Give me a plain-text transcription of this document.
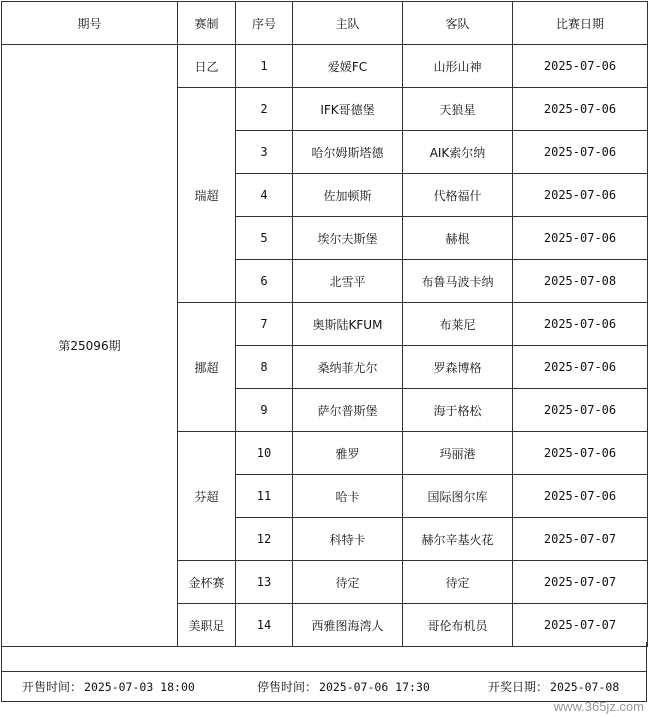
期号	赛制	序号	主队	客队	比赛日期
第25096期	日乙	1	爱媛FC	山形山神	2025-07-06
	瑞超	2	IFK哥德堡	天狼星	2025-07-06
		3	哈尔姆斯塔德	AIK索尔纳	2025-07-06
		4	佐加顿斯	代格福什	2025-07-06
		5	埃尔夫斯堡	赫根	2025-07-06
		6	北雪平	布鲁马波卡纳	2025-07-08
	挪超	7	奥斯陆KFUM	布莱尼	2025-07-06
		8	桑纳菲尤尔	罗森博格	2025-07-06
		9	萨尔普斯堡	海于格松	2025-07-06
	芬超	10	雅罗	玛丽港	2025-07-06
		11	哈卡	国际图尔库	2025-07-06
		12	科特卡	赫尔辛基火花	2025-07-07
	金杯赛	13	待定	待定	2025-07-07
	美职足	14	西雅图海湾人	哥伦布机员	2025-07-07
开售时间： 2025-07-03 18:00	停售时间： 2025-07-06 17:30	开奖日期： 2025-07-08
www.365jz.com
